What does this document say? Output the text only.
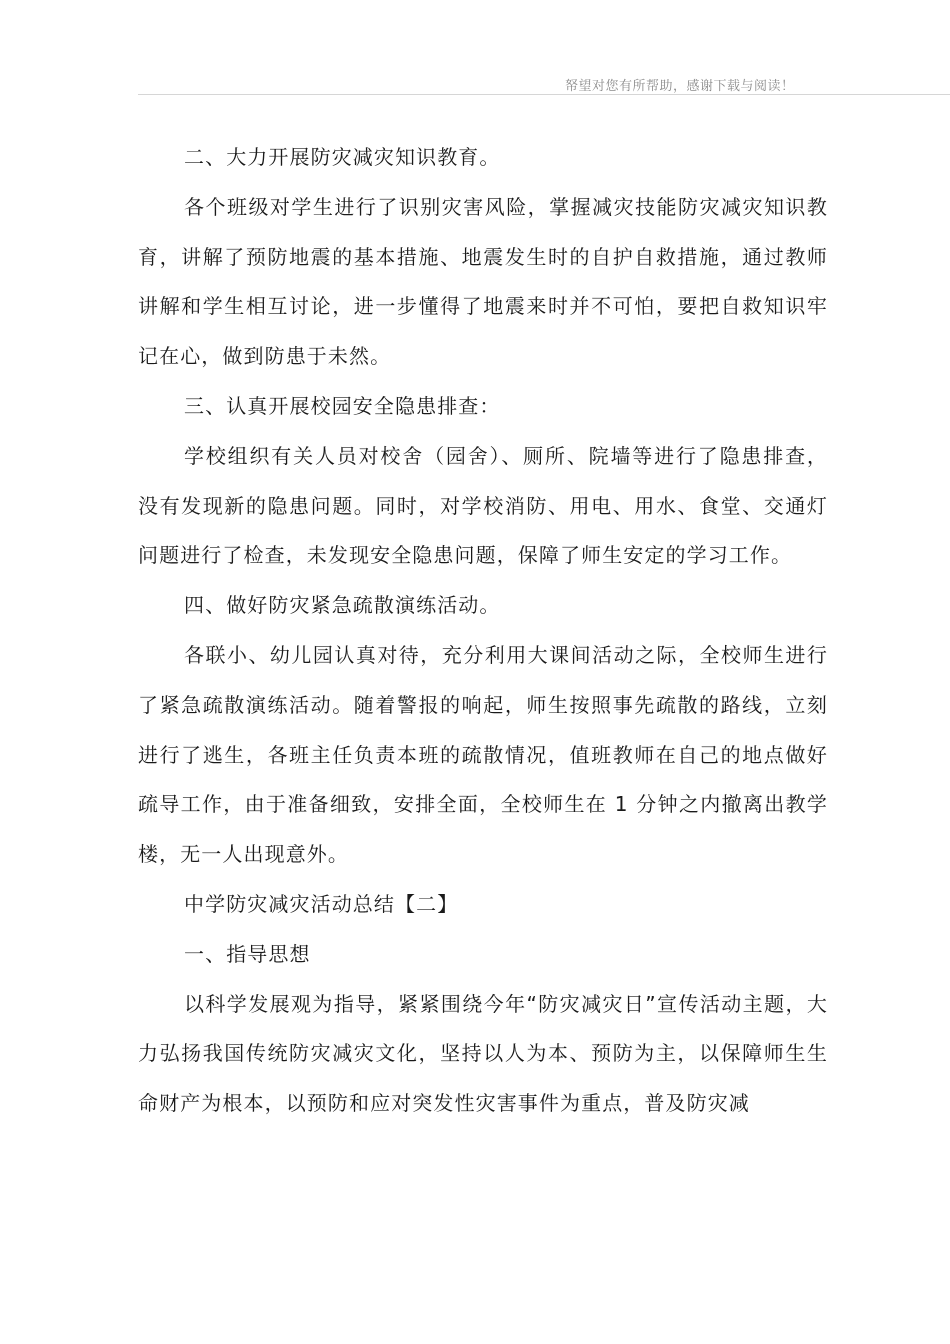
帑望对您有所帮助，感谢下载与阅读！

二、大力开展防灾减灾知识教育。

各个班级对学生进行了识别灾害风险，掌握减灾技能防灾减灾知识教育，讲解了预防地震的基本措施、地震发生时的自护自救措施，通过教师讲解和学生相互讨论，进一步懂得了地震来时并不可怕，要把自救知识牢记在心，做到防患于未然。

三、认真开展校园安全隐患排查：

学校组织有关人员对校舍（园舍）、厕所、院墙等进行了隐患排查，没有发现新的隐患问题。同时，对学校消防、用电、用水、食堂、交通灯问题进行了检查，未发现安全隐患问题，保障了师生安定的学习工作。

四、做好防灾紧急疏散演练活动。

各联小、幼儿园认真对待，充分利用大课间活动之际，全校师生进行了紧急疏散演练活动。随着警报的响起，师生按照事先疏散的路线，立刻进行了逃生，各班主任负责本班的疏散情况，值班教师在自己的地点做好疏导工作，由于准备细致，安排全面，全校师生在 1 分钟之内撤离出教学楼，无一人出现意外。

中学防灾减灾活动总结【二】

一、指导思想

以科学发展观为指导，紧紧围绕今年“防灾减灾日”宣传活动主题，大力弘扬我国传统防灾减灾文化，坚持以人为本、预防为主，以保障师生生命财产为根本，以预防和应对突发性灾害事件为重点，普及防灾减
